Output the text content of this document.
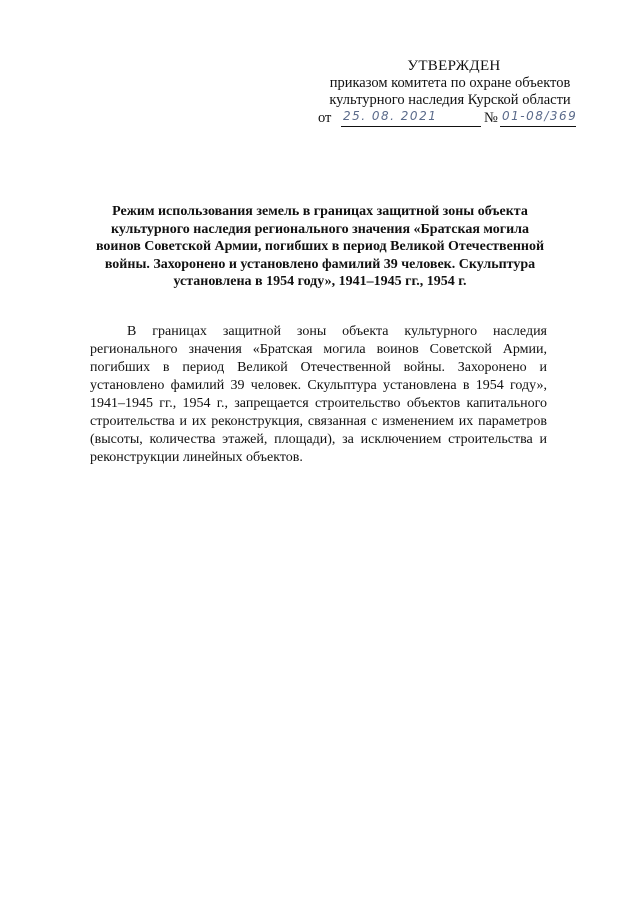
УТВЕРЖДЕН
приказом комитета по охране объектов
культурного наследия Курской области
от 25. 08. 2021	№ 01-08/369
Режим использования земель в границах защитной зоны объекта культурного наследия регионального значения «Братская могила воинов Советской Армии, погибших в период Великой Отечественной войны. Захоронено и установлено фамилий 39 человек. Скульптура установлена в 1954 году», 1941–1945 гг., 1954 г.
В границах защитной зоны объекта культурного наследия регионального значения «Братская могила воинов Советской Армии, погибших в период Великой Отечественной войны. Захоронено и установлено фамилий 39 человек. Скульптура установлена в 1954 году», 1941–1945 гг., 1954 г., запрещается строительство объектов капитального строительства и их реконструкция, связанная с изменением их параметров (высоты, количества этажей, площади), за исключением строительства и реконструкции линейных объектов.
